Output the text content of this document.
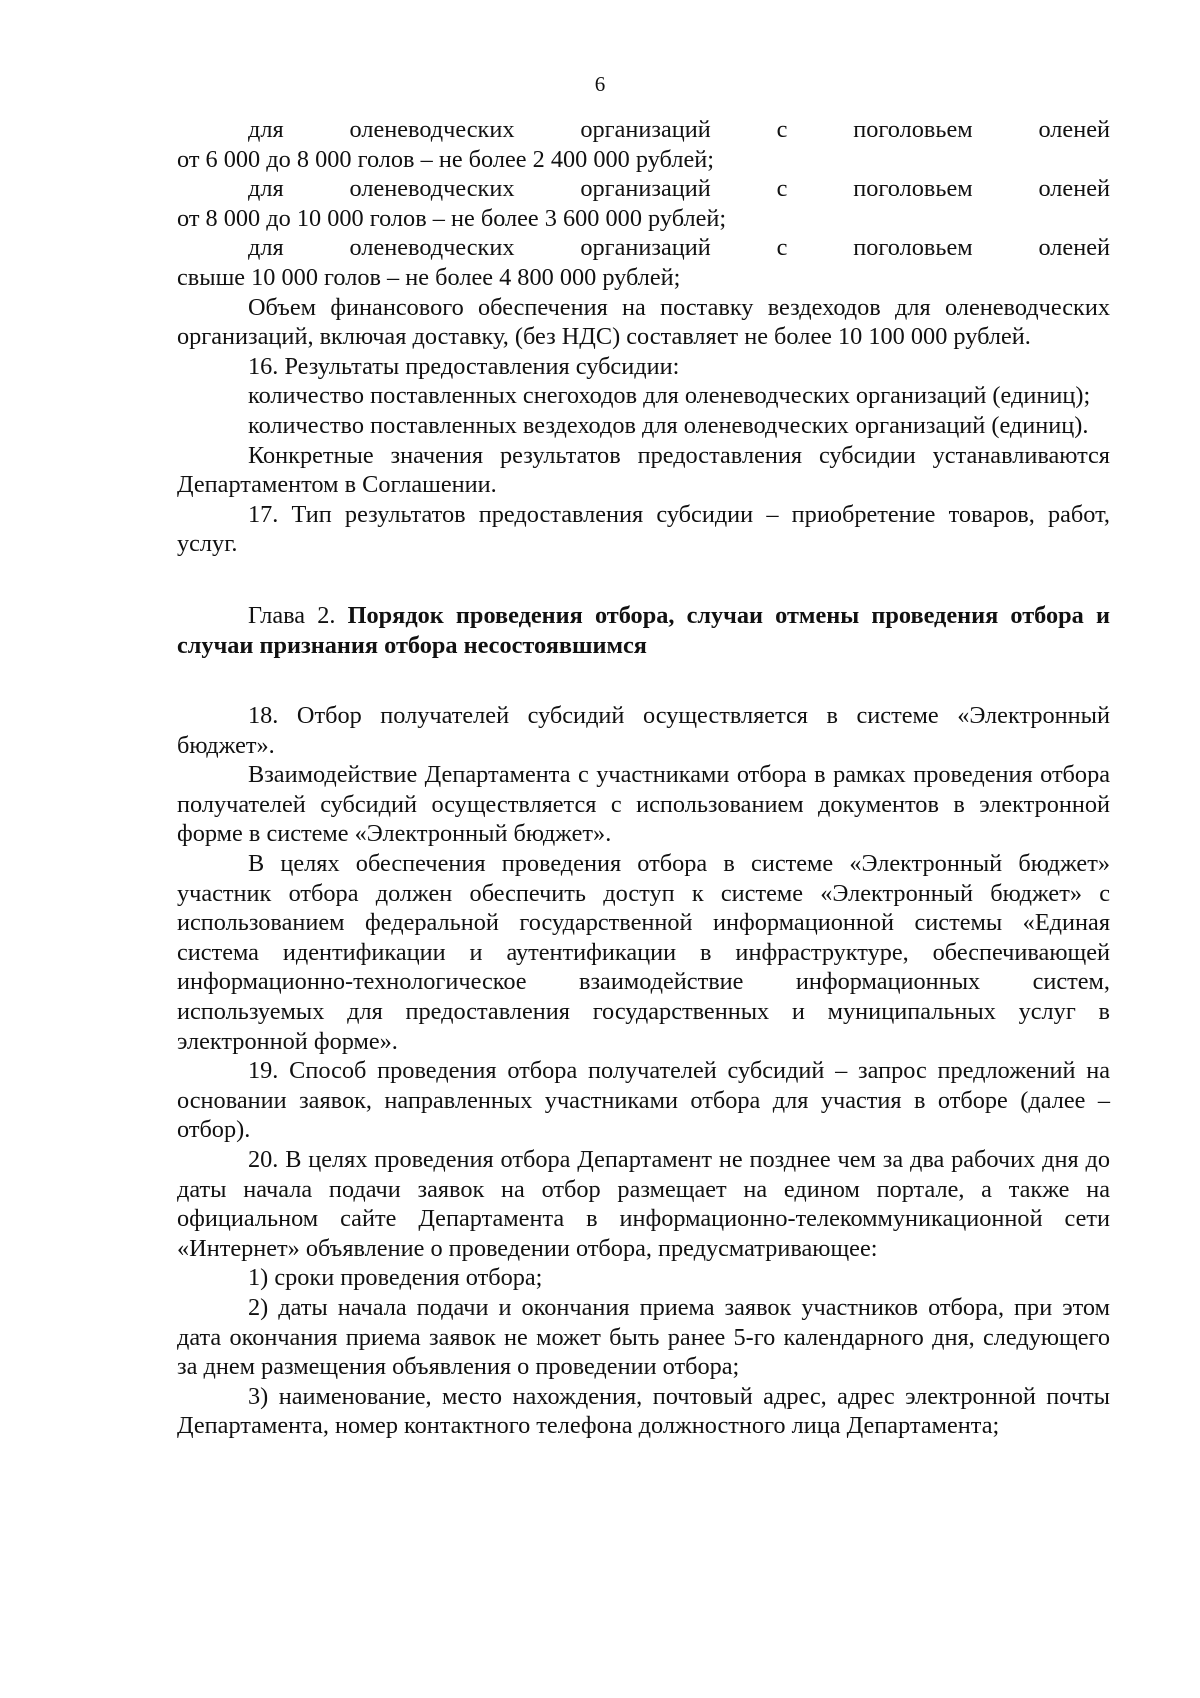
6

для оленеводческих организаций с поголовьем оленей

от 6 000 до 8 000 голов – не более 2 400 000 рублей;

для оленеводческих организаций с поголовьем оленей

от 8 000 до 10 000 голов – не более 3 600 000 рублей;

для оленеводческих организаций с поголовьем оленей

свыше 10 000 голов – не более 4 800 000 рублей;

Объем финансового обеспечения на поставку вездеходов для оленеводческих организаций, включая доставку, (без НДС) составляет не более 10 100 000 рублей.

16. Результаты предоставления субсидии:

количество поставленных снегоходов для оленеводческих организаций (единиц);

количество поставленных вездеходов для оленеводческих организаций (единиц).

Конкретные значения результатов предоставления субсидии устанавливаются Департаментом в Соглашении.

17. Тип результатов предоставления субсидии – приобретение товаров, работ, услуг.

Глава 2. Порядок проведения отбора, случаи отмены проведения отбора и случаи признания отбора несостоявшимся

18. Отбор получателей субсидий осуществляется в системе «Электронный бюджет».

Взаимодействие Департамента с участниками отбора в рамках проведения отбора получателей субсидий осуществляется с использованием документов в электронной форме в системе «Электронный бюджет».

В целях обеспечения проведения отбора в системе «Электронный бюджет» участник отбора должен обеспечить доступ к системе «Электронный бюджет» с использованием федеральной государственной информационной системы «Единая система идентификации и аутентификации в инфраструктуре, обеспечивающей информационно-технологическое взаимодействие информационных систем, используемых для предоставления государственных и муниципальных услуг в электронной форме».

19. Способ проведения отбора получателей субсидий – запрос предложений на основании заявок, направленных участниками отбора для участия в отборе (далее – отбор).

20. В целях проведения отбора Департамент не позднее чем за два рабочих дня до даты начала подачи заявок на отбор размещает на едином портале, а также на официальном сайте Департамента в информационно-телекоммуникационной сети «Интернет» объявление о проведении отбора, предусматривающее:

1) сроки проведения отбора;

2) даты начала подачи и окончания приема заявок участников отбора, при этом дата окончания приема заявок не может быть ранее 5-го календарного дня, следующего за днем размещения объявления о проведении отбора;

3) наименование, место нахождения, почтовый адрес, адрес электронной почты Департамента, номер контактного телефона должностного лица Департамента;
